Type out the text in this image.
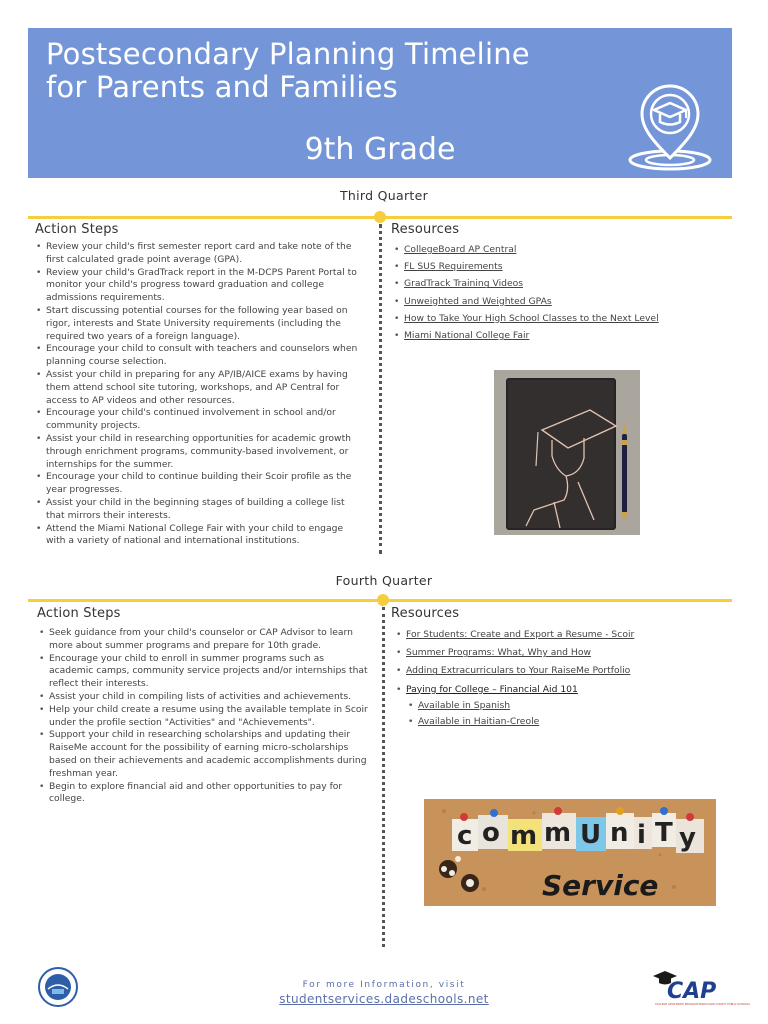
Postsecondary Planning Timeline
for Parents and Families
9th Grade
Third Quarter
Action Steps
• Review your child's first semester report card and take note of the first calculated grade point average (GPA).
• Review your child's GradTrack report in the M-DCPS Parent Portal to monitor your child's progress toward graduation and college admissions requirements.
• Start discussing potential courses for the following year based on rigor, interests and State University requirements (including the required two years of a foreign language).
• Encourage your child to consult with teachers and counselors when planning course selection.
• Assist your child in preparing for any AP/IB/AICE exams by having them attend school site tutoring, workshops, and AP Central for access to AP videos and other resources.
• Encourage your child's continued involvement in school and/or community projects.
• Assist your child in researching opportunities for academic growth through enrichment programs, community-based involvement, or internships for the summer.
• Encourage your child to continue building their Scoir profile as the year progresses.
• Assist your child in the beginning stages of building a college list that mirrors their interests.
• Attend the Miami National College Fair with your child to engage with a variety of national and international institutions.
Resources
• CollegeBoard AP Central
• FL SUS Requirements
• GradTrack Training Videos
• Unweighted and Weighted GPAs
• How to Take Your High School Classes to the Next Level
• Miami National College Fair
Fourth Quarter
Action Steps
• Seek guidance from your child's counselor or CAP Advisor to learn more about summer programs and prepare for 10th grade.
• Encourage your child to enroll in summer programs such as academic camps, community service projects and/or internships that reflect their interests.
• Assist your child in compiling lists of activities and achievements.
• Help your child create a resume using the available template in Scoir under the profile section "Activities" and "Achievements".
• Support your child in researching scholarships and updating their RaiseMe account for the possibility of earning micro-scholarships based on their achievements and academic accomplishments during freshman year.
• Begin to explore financial aid and other opportunities to pay for college.
Resources
• For Students: Create and Export a Resume - Scoir
• Summer Programs: What, Why and How
• Adding Extracurriculars to Your RaiseMe Portfolio
• Paying for College – Financial Aid 101
• Available in Spanish
• Available in Haitian-Creole
c o m m U n i T y
Service
For more Information, visit
studentservices.dadeschools.net	CAP
COLLEGE ASSISTANCE PROGRAM MIAMI-DADE COUNTY PUBLIC SCHOOLS
